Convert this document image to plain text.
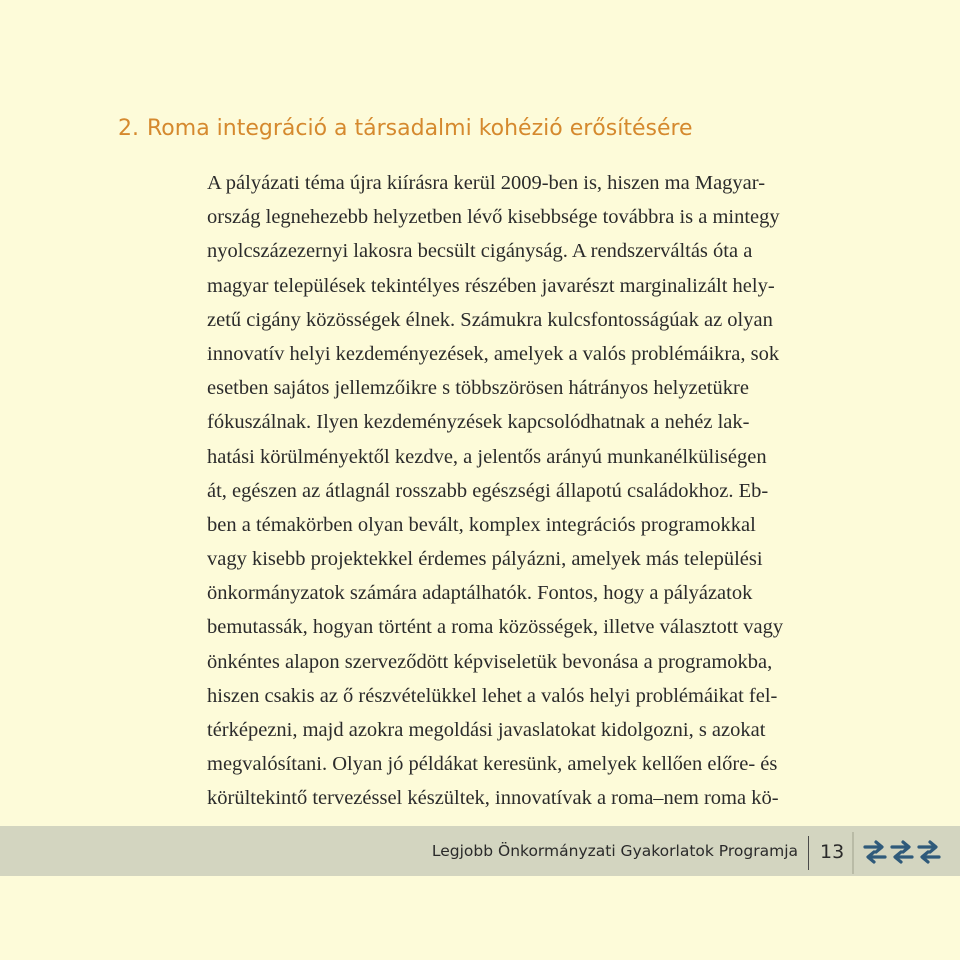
2. Roma integráció a társadalmi kohézió erősítésére
A pályázati téma újra kiírásra kerül 2009-ben is, hiszen ma Magyar-
ország legnehezebb helyzetben lévő kisebbsége továbbra is a mintegy
nyolcszázezernyi lakosra becsült cigányság. A rendszerváltás óta a
magyar települések tekintélyes részében javarészt marginalizált hely-
zetű cigány közösségek élnek. Számukra kulcsfontosságúak az olyan
innovatív helyi kezdeményezések, amelyek a valós problémáikra, sok
esetben sajátos jellemzőikre s többszörösen hátrányos helyzetükre
fókuszálnak. Ilyen kezdeményzések kapcsolódhatnak a nehéz lak-
hatási körülményektől kezdve, a jelentős arányú munkanélküliségen
át, egészen az átlagnál rosszabb egészségi állapotú családokhoz. Eb-
ben a témakörben olyan bevált, komplex integrációs programokkal
vagy kisebb projektekkel érdemes pályázni, amelyek más települési
önkormányzatok számára adaptálhatók. Fontos, hogy a pályázatok
bemutassák, hogyan történt a roma közösségek, illetve választott vagy
önkéntes alapon szerveződött képviseletük bevonása a programokba,
hiszen csakis az ő részvételükkel lehet a valós helyi problémáikat fel-
térképezni, majd azokra megoldási javaslatokat kidolgozni, s azokat
megvalósítani. Olyan jó példákat keresünk, amelyek kellően előre- és
körültekintő tervezéssel készültek, innovatívak a roma–nem roma kö-
Legjobb Önkormányzati Gyakorlatok Programja 13
